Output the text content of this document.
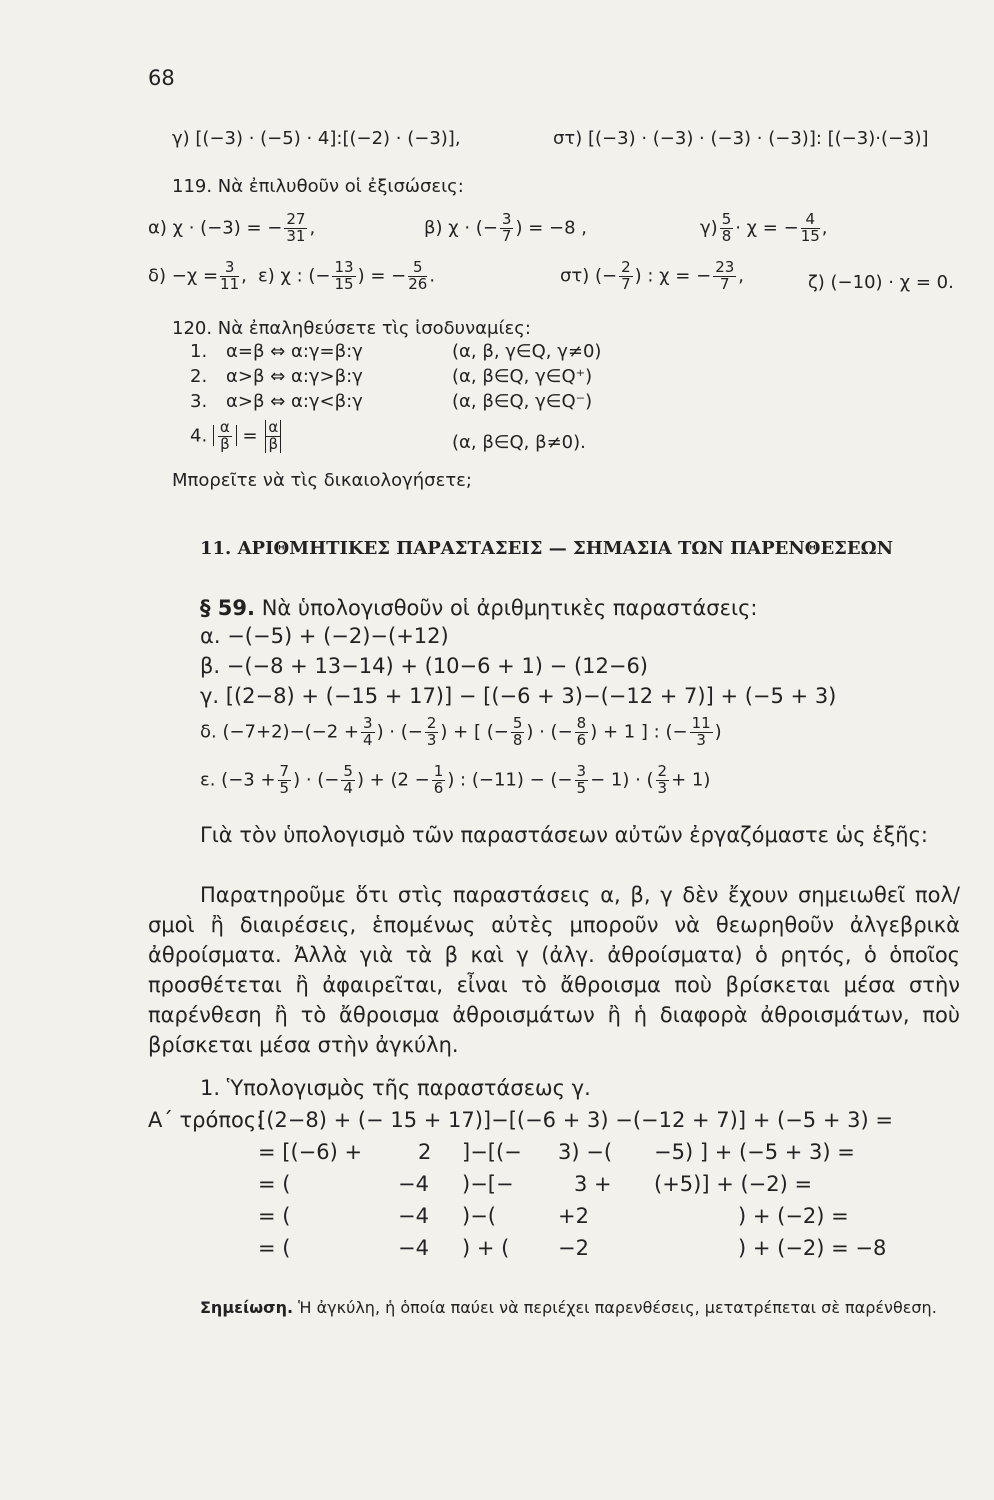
68
γ) [(−3) · (−5) · 4]:[(−2) · (−3)],	στ) [(−3) · (−3) · (−3) · (−3)]: [(−3)·(−3)]
119. Νὰ ἐπιλυθοῦν οἱ ἐξισώσεις:
α) χ · (−3) = − $\frac{27}{31}$ ,	β) χ · (− $\frac{3}{7}$ ) = −8 ,	$\gamma) \frac{5}{8} \cdot \chi$ = − $\frac{4}{15}$ ,
$\delta) -\chi = \frac{3}{11}$ , ε) χ : (− $\frac{13}{15}$ ) = − $\frac{5}{26}$ .	στ) (− $\frac{2}{7}$ ) : χ = − $\frac{23}{7}$ ,	ζ) (−10) · χ = 0.
120. Νὰ ἐπαληθεύσετε τὶς ἰσοδυναμίες:
1. α=β ⇔ α:γ=β:γ	(α, β, γ∈Q, γ≠0)
2. α>β ⇔ α:γ>β:γ	(α, β∈Q, γ∈Q⁺)
3. α>β ⇔ α:γ<β:γ	(α, β∈Q, γ∈Q⁻)
4. $\frac{\alpha}{\beta} = \frac{\alpha}{\beta}$	(α, β∈Q, β≠0).
Μπορεῖτε νὰ τὶς δικαιολογήσετε;
11. ΑΡΙΘΜΗΤΙΚΕΣ ΠΑΡΑΣΤΑΣΕΙΣ — ΣΗΜΑΣΙΑ ΤΩΝ ΠΑΡΕΝΘΕΣΕΩΝ
§ 59. Νὰ ὑπολογισθοῦν οἱ ἀριθμητικὲς παραστάσεις:
α. −(−5) + (−2)−(+12)
β. −(−8 + 13−14) + (10−6 + 1) − (12−6)
γ. [(2−8) + (−15 + 17)] − [(−6 + 3)−(−12 + 7)] + (−5 + 3)
δ. $(-7+2)-(-2 + \frac{3}{4}$ ) · (− $\frac{2}{3}$ ) + [ (− $\frac{5}{8}$ ) · (− $\frac{8}{6}$ ) + 1 ] : (− $\frac{11}{3}$ )
ε. ($-3 + \frac{7}{5}$ ) · (− $\frac{5}{4}$ ) + ($2 - \frac{1}{6}$ ) : (−11) − (− $\frac{3}{5} - 1$) · ( $\frac{2}{3} + 1$)
Γιὰ τὸν ὑπολογισμὸ τῶν παραστάσεων αὐτῶν ἐργαζόμαστε ὡς ἑξῆς:
Παρατηροῦμε ὅτι στὶς παραστάσεις α, β, γ δὲν ἔχουν σημειωθεῖ πολ/σμοὶ ἢ διαιρέσεις, ἑπομένως αὐτὲς μποροῦν νὰ θεωρηθοῦν ἀλγεβρικὰ ἀθροίσματα. Ἀλλὰ γιὰ τὰ β καὶ γ (ἀλγ. ἀθροίσματα) ὁ ρητός, ὁ ὁποῖος προσθέτεται ἢ ἀφαιρεῖται, εἶναι τὸ ἄθροισμα ποὺ βρίσκεται μέσα στὴν παρένθεση ἢ τὸ ἄθροισμα ἀθροισμάτων ἢ ἡ διαφορὰ ἀθροισμάτων, ποὺ βρίσκεται μέσα στὴν ἀγκύλη.
1. Ὑπολογισμὸς τῆς παραστάσεως γ.
Α΄ τρόπος:
[(2−8) + (− 15 + 17)]−[(−6 + 3) −(−12 + 7)] + (−5 + 3) =
= [(−6) +	2 ]−[(− 3) −( −5) ] + (−5 + 3) =
= (	−4 )−[−	3 + (+5)] + (−2) =
= (	−4 )−(	+2	) + (−2) =
= (	−4 ) + ( −2	) + (−2) = −8
Σημείωση. Ἡ ἀγκύλη, ἡ ὁποία παύει νὰ περιέχει παρενθέσεις, μετατρέπεται σὲ παρένθεση.
